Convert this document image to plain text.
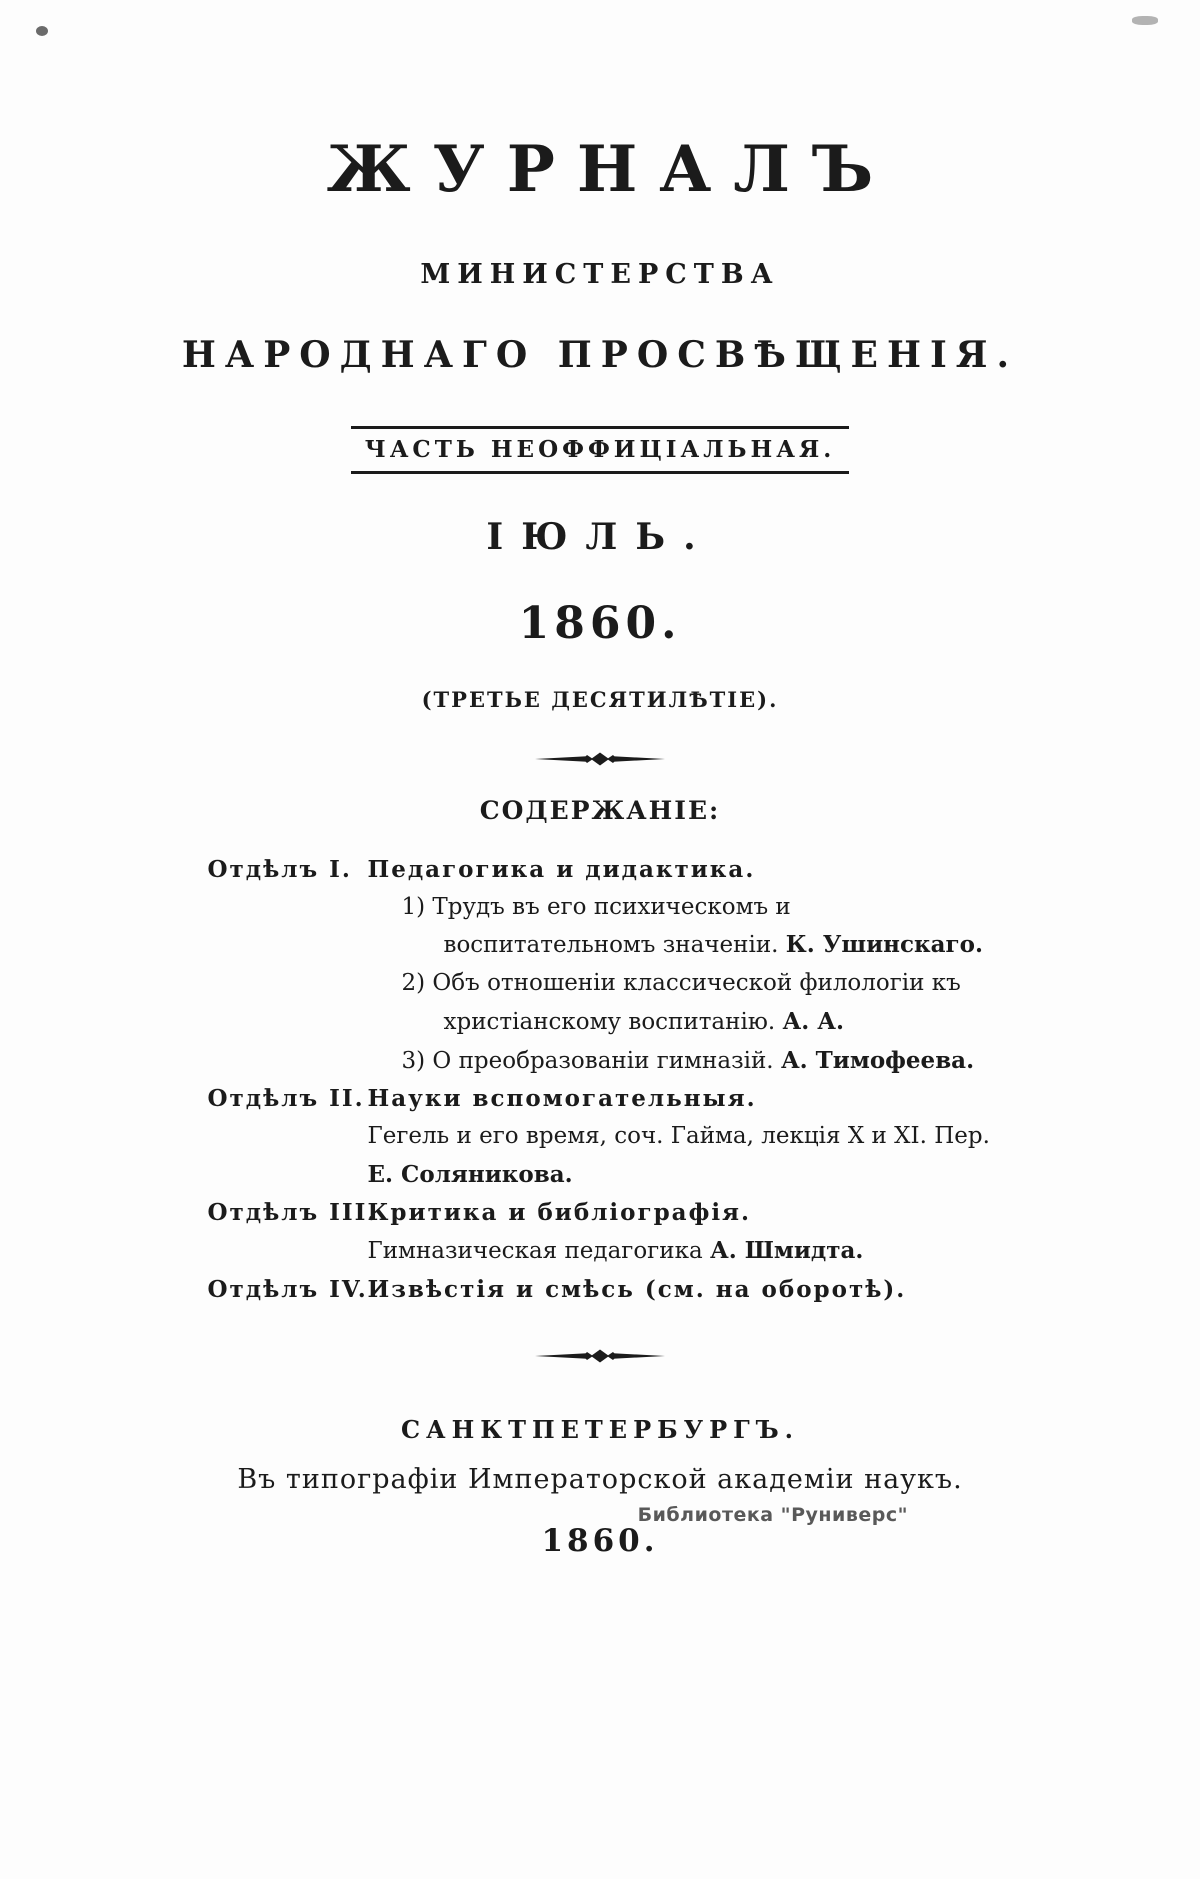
ЖУРНАЛЪ
МИНИСТЕРСТВА
НАРОДНАГО ПРОСВѢЩЕНІЯ.
ЧАСТЬ НЕОФФИЦІАЛЬНАЯ.
ІЮЛЬ.
1860.
(ТРЕТЬЕ ДЕСЯТИЛѢТІЕ).
СОДЕРЖАНІЕ:
Отдѣлъ I. Педагогика и дидактика.
1) Трудъ въ его психическомъ и воспитательномъ значеніи. К. Ушинскаго.
2) Объ отношеніи классической филологіи къ христіанскому воспитанію. А. А.
3) О преобразованіи гимназій. А. Тимофеева.
Отдѣлъ II. Науки вспомогательныя.
Гегель и его время, соч. Гайма, лекція X и XI. Пер. Е. Соляникова.
Отдѣлъ III.
Критика и библіографія.
Гимназическая педагогика А. Шмидта.
Отдѣлъ IV. Извѣстія и смѣсь (см. на оборотѣ).
САНКТПЕТЕРБУРГЪ.
Въ типографіи Императорской академіи наукъ.
1860.
Библиотека "Руниверс"
